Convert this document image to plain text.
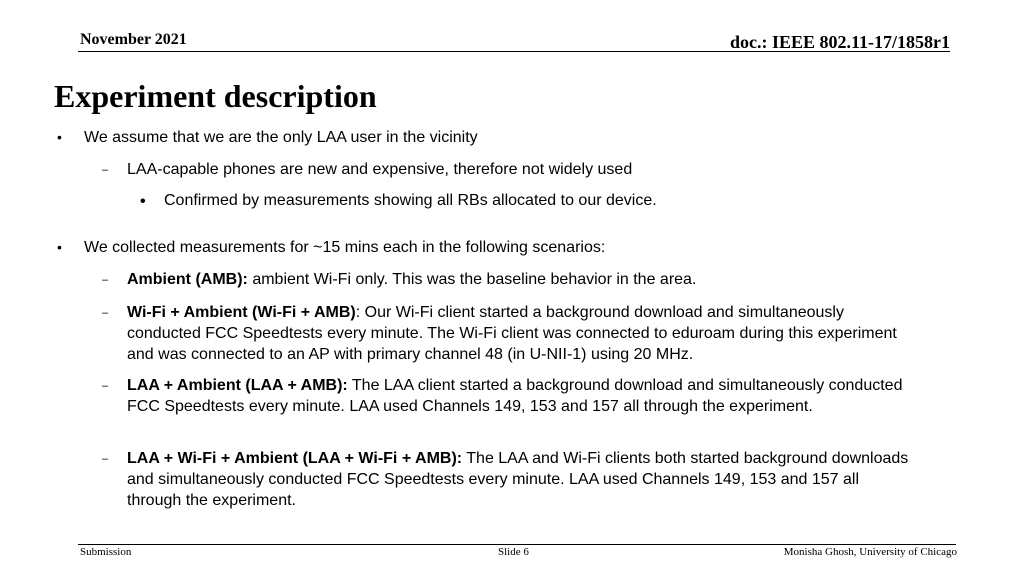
November 2021	doc.: IEEE 802.11-17/1858r1
Experiment description
• We assume that we are the only LAA user in the vicinity
– LAA-capable phones are new and expensive, therefore not widely used
• Confirmed by measurements showing all RBs allocated to our device.
• We collected measurements for ~15 mins each in the following scenarios:
– Ambient (AMB): ambient Wi-Fi only. This was the baseline behavior in the area.
– Wi-Fi + Ambient (Wi-Fi + AMB): Our Wi-Fi client started a background download and simultaneously conducted FCC Speedtests every minute. The Wi-Fi client was connected to eduroam during this experiment and was connected to an AP with primary channel 48 (in U-NII-1) using 20 MHz.
– LAA + Ambient (LAA + AMB): The LAA client started a background download and simultaneously conducted FCC Speedtests every minute. LAA used Channels 149, 153 and 157 all through the experiment.
– LAA + Wi-Fi + Ambient (LAA + Wi-Fi + AMB): The LAA and Wi-Fi clients both started background downloads and simultaneously conducted FCC Speedtests every minute. LAA used Channels 149, 153 and 157 all through the experiment.
Submission	Slide 6	Monisha Ghosh, University of Chicago
